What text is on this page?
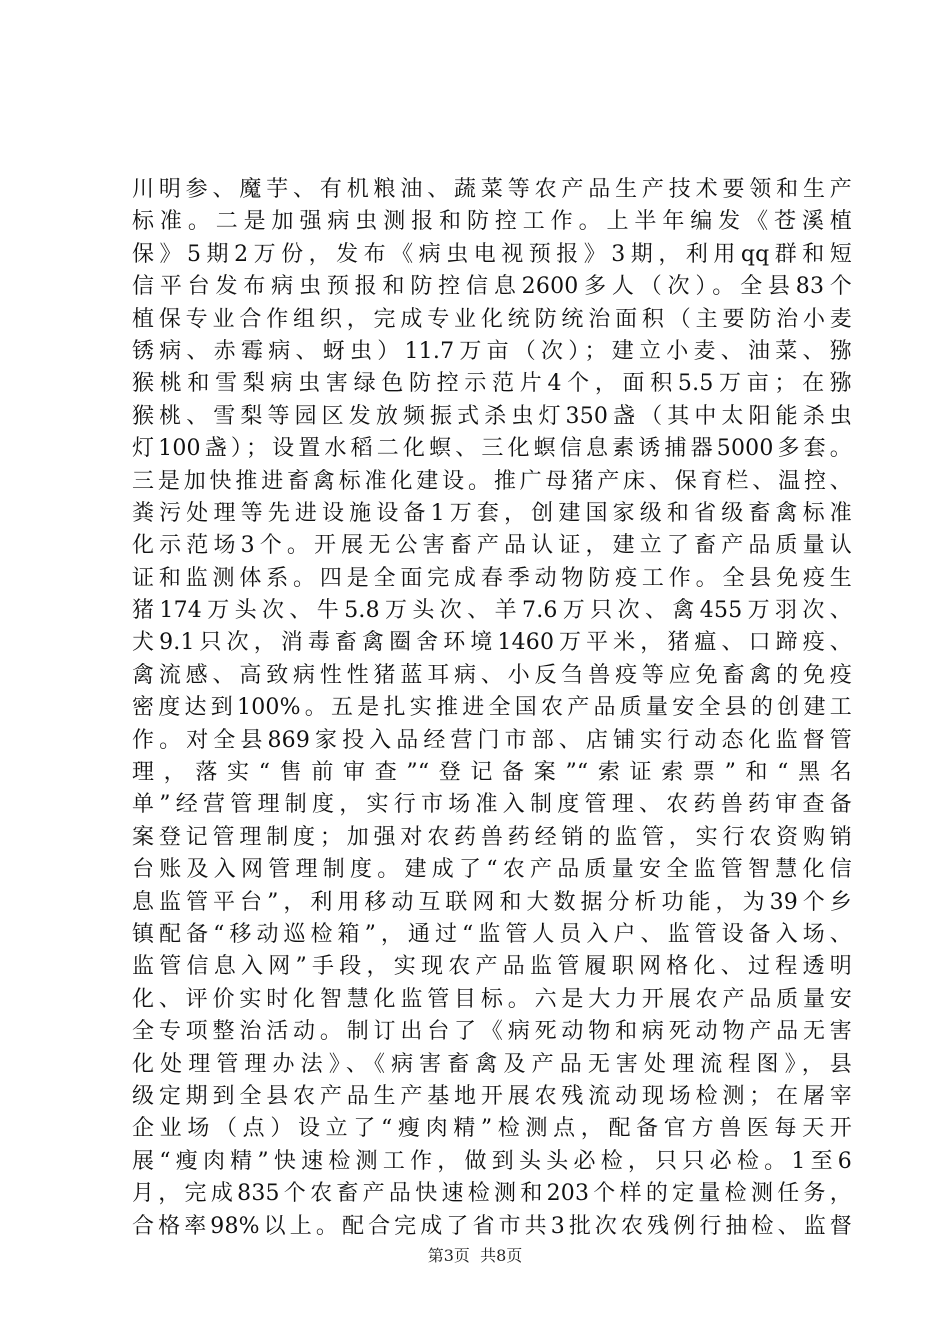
川明参、魔芋、有机粮油、蔬菜等农产品生产技术要领和生产
标准。二是加强病虫测报和防控工作。上半年编发《苍溪植
保》5期2万份，发布《病虫电视预报》3期，利用qq群和短
信平台发布病虫预报和防控信息2600多人（次）。全县83个
植保专业合作组织，完成专业化统防统治面积（主要防治小麦
锈病、赤霉病、蚜虫）11.7万亩（次）；建立小麦、油菜、猕
猴桃和雪梨病虫害绿色防控示范片4个，面积5.5万亩；在猕
猴桃、雪梨等园区发放频振式杀虫灯350盏（其中太阳能杀虫
灯100盏）；设置水稻二化螟、三化螟信息素诱捕器5000多套。
三是加快推进畜禽标准化建设。推广母猪产床、保育栏、温控、
粪污处理等先进设施设备1万套，创建国家级和省级畜禽标准
化示范场3个。开展无公害畜产品认证，建立了畜产品质量认
证和监测体系。四是全面完成春季动物防疫工作。全县免疫生
猪174万头次、牛5.8万头次、羊7.6万只次、禽455万羽次、
犬9.1只次，消毒畜禽圈舍环境1460万平米，猪瘟、口蹄疫、
禽流感、高致病性性猪蓝耳病、小反刍兽疫等应免畜禽的免疫
密度达到100%。五是扎实推进全国农产品质量安全县的创建工
作。对全县869家投入品经营门市部、店铺实行动态化监督管
理，落实“售前审查”“登记备案”“索证索票”和“黑名
单”经营管理制度，实行市场准入制度管理、农药兽药审查备
案登记管理制度；加强对农药兽药经销的监管，实行农资购销
台账及入网管理制度。建成了“农产品质量安全监管智慧化信
息监管平台”，利用移动互联网和大数据分析功能，为39个乡
镇配备“移动巡检箱”，通过“监管人员入户、监管设备入场、
监管信息入网”手段，实现农产品监管履职网格化、过程透明
化、评价实时化智慧化监管目标。六是大力开展农产品质量安
全专项整治活动。制订出台了《病死动物和病死动物产品无害
化处理管理办法》、《病害畜禽及产品无害处理流程图》，县
级定期到全县农产品生产基地开展农残流动现场检测；在屠宰
企业场（点）设立了“瘦肉精”检测点，配备官方兽医每天开
展“瘦肉精”快速检测工作，做到头头必检，只只必检。1至6
月，完成835个农畜产品快速检测和203个样的定量检测任务，
合格率98%以上。配合完成了省市共3批次农残例行抽检、监督
第3页  共8页
